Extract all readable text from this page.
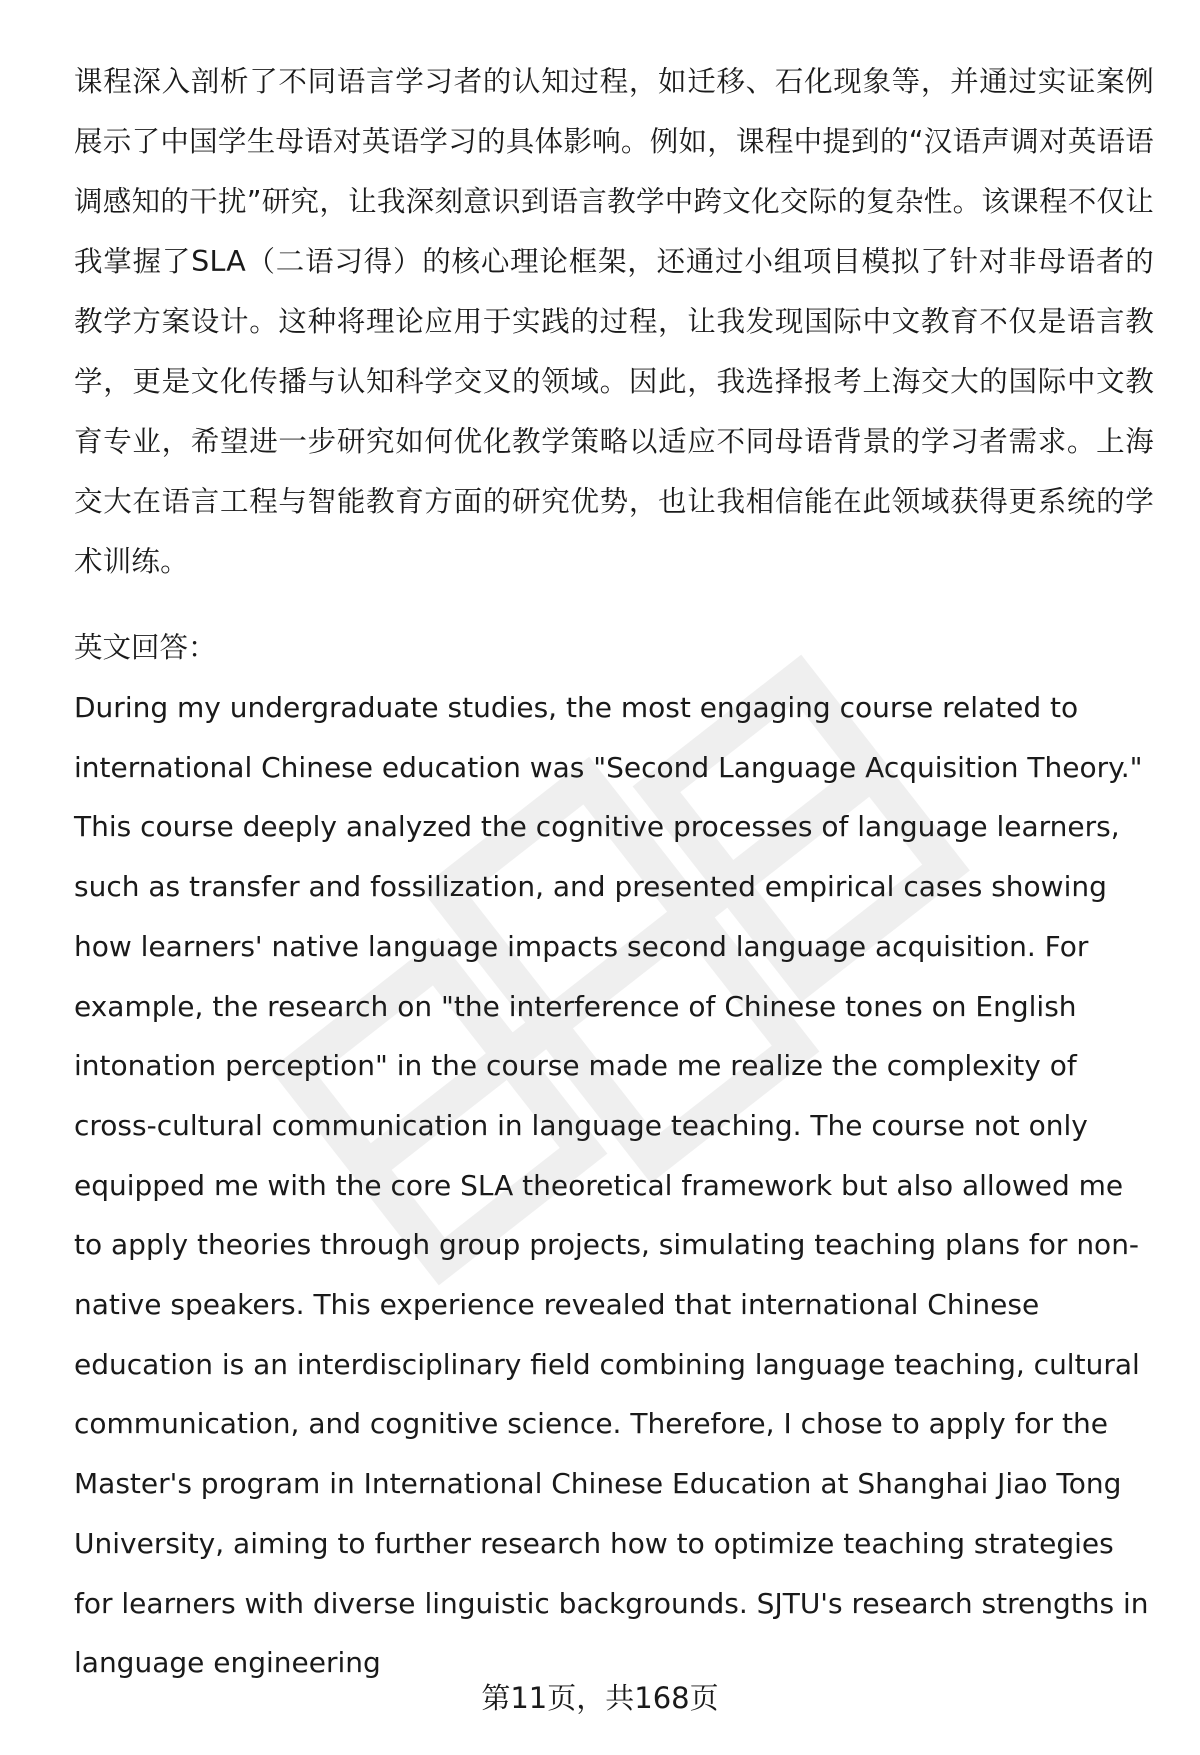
课程深入剖析了不同语言学习者的认知过程，如迁移、石化现象等，并通过实证案例展示了中国学生母语对英语学习的具体影响。例如，课程中提到的“汉语声调对英语语调感知的干扰”研究，让我深刻意识到语言教学中跨文化交际的复杂性。该课程不仅让我掌握了SLA（二语习得）的核心理论框架，还通过小组项目模拟了针对非母语者的教学方案设计。这种将理论应用于实践的过程，让我发现国际中文教育不仅是语言教学，更是文化传播与认知科学交叉的领域。因此，我选择报考上海交大的国际中文教育专业，希望进一步研究如何优化教学策略以适应不同母语背景的学习者需求。上海交大在语言工程与智能教育方面的研究优势，也让我相信能在此领域获得更系统的学术训练。

英文回答：

During my undergraduate studies, the most engaging course related to international Chinese education was "Second Language Acquisition Theory." This course deeply analyzed the cognitive processes of language learners, such as transfer and fossilization, and presented empirical cases showing how learners' native language impacts second language acquisition. For example, the research on "the interference of Chinese tones on English intonation perception" in the course made me realize the complexity of cross-cultural communication in language teaching. The course not only equipped me with the core SLA theoretical framework but also allowed me to apply theories through group projects, simulating teaching plans for non-native speakers. This experience revealed that international Chinese education is an interdisciplinary field combining language teaching, cultural communication, and cognitive science. Therefore, I chose to apply for the Master's program in International Chinese Education at Shanghai Jiao Tong University, aiming to further research how to optimize teaching strategies for learners with diverse linguistic backgrounds. SJTU's research strengths in language engineering

第11页，共168页
